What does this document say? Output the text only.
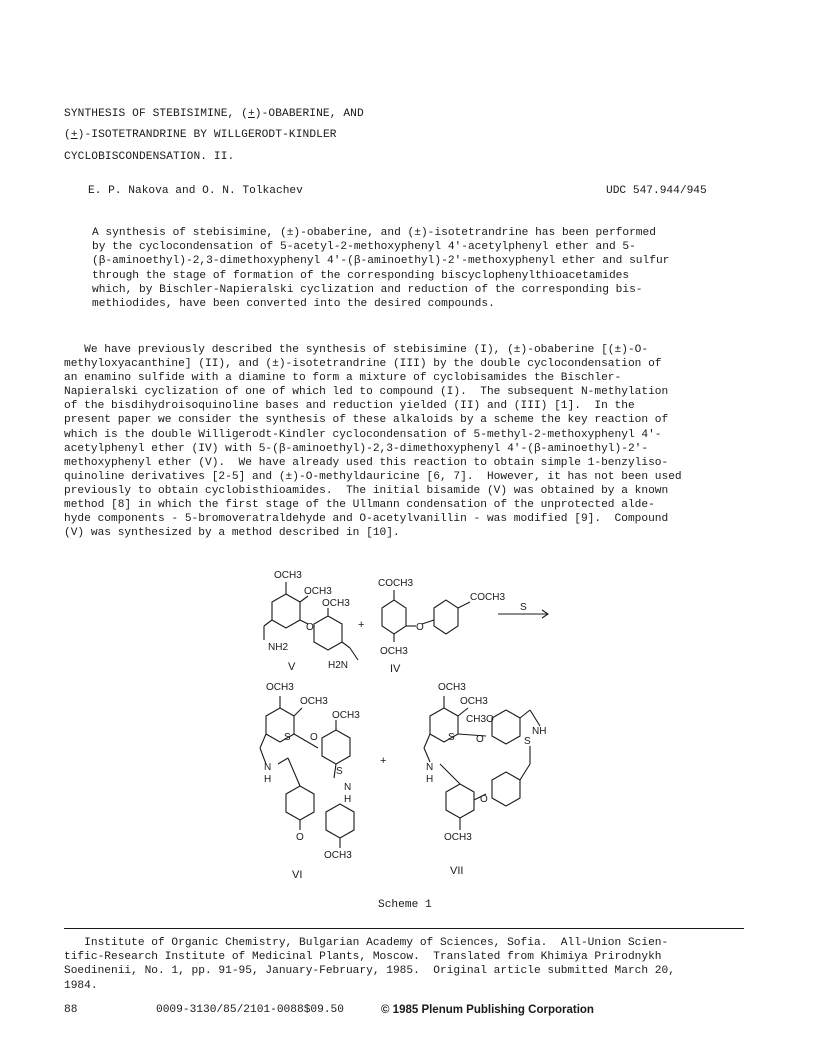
SYNTHESIS OF STEBISIMINE, (+)-OBABERINE, AND
(+)-ISOTETRANDRINE BY WILLGERODT-KINDLER
CYCLOBISCONDENSATION. II.
E. P. Nakova and O. N. Tolkachev	UDC 547.944/945
A synthesis of stebisimine, (±)-obaberine, and (±)-isotetrandrine has been performed
by the cyclocondensation of 5-acetyl-2-methoxyphenyl 4'-acetylphenyl ether and 5-
(β-aminoethyl)-2,3-dimethoxyphenyl 4'-(β-aminoethyl)-2'-methoxyphenyl ether and sulfur
through the stage of formation of the corresponding biscyclophenylthioacetamides
which, by Bischler-Napieralski cyclization and reduction of the corresponding bis-
methiodides, have been converted into the desired compounds.
We have previously described the synthesis of stebisimine (I), (±)-obaberine [(±)-O-
methyloxyacanthine] (II), and (±)-isotetrandrine (III) by the double cyclocondensation of
an enamino sulfide with a diamine to form a mixture of cyclobisamides the Bischler-
Napieralski cyclization of one of which led to compound (I).  The subsequent N-methylation
of the bisdihydroisoquinoline bases and reduction yielded (II) and (III) [1].  In the
present paper we consider the synthesis of these alkaloids by a scheme the key reaction of
which is the double Willigerodt-Kindler cyclocondensation of 5-methyl-2-methoxyphenyl 4'-
acetylphenyl ether (IV) with 5-(β-aminoethyl)-2,3-dimethoxyphenyl 4'-(β-aminoethyl)-2'-
methoxyphenyl ether (V).  We have already used this reaction to obtain simple 1-benzyliso-
quinoline derivatives [2-5] and (±)-O-methyldauricine [6, 7].  However, it has not been used
previously to obtain cyclobisthioamides.  The initial bisamide (V) was obtained by a known
method [8] in which the first stage of the Ullmann condensation of the unprotected alde-
hyde components - 5-bromoveratraldehyde and O-acetylvanillin - was modified [9].  Compound
(V) was synthesized by a method described in [10].
OCH3
OCH3
OCH3
O
NH2
H2N
V
+
COCH3
COCH3
O
OCH3
IV
S
OCH3
OCH3
OCH3
S O
N
H
S
N
H
O
OCH3
VI
+
OCH3
OCH3
CH3O
S O	S
NH
N
H
O
OCH3
VII
Scheme 1
Institute of Organic Chemistry, Bulgarian Academy of Sciences, Sofia.  All-Union Scien-
tific-Research Institute of Medicinal Plants, Moscow.  Translated from Khimiya Prirodnykh
Soedinenii, No. 1, pp. 91-95, January-February, 1985.  Original article submitted March 20,
1984.
88	0009-3130/85/2101-0088$09.50	© 1985 Plenum Publishing Corporation
